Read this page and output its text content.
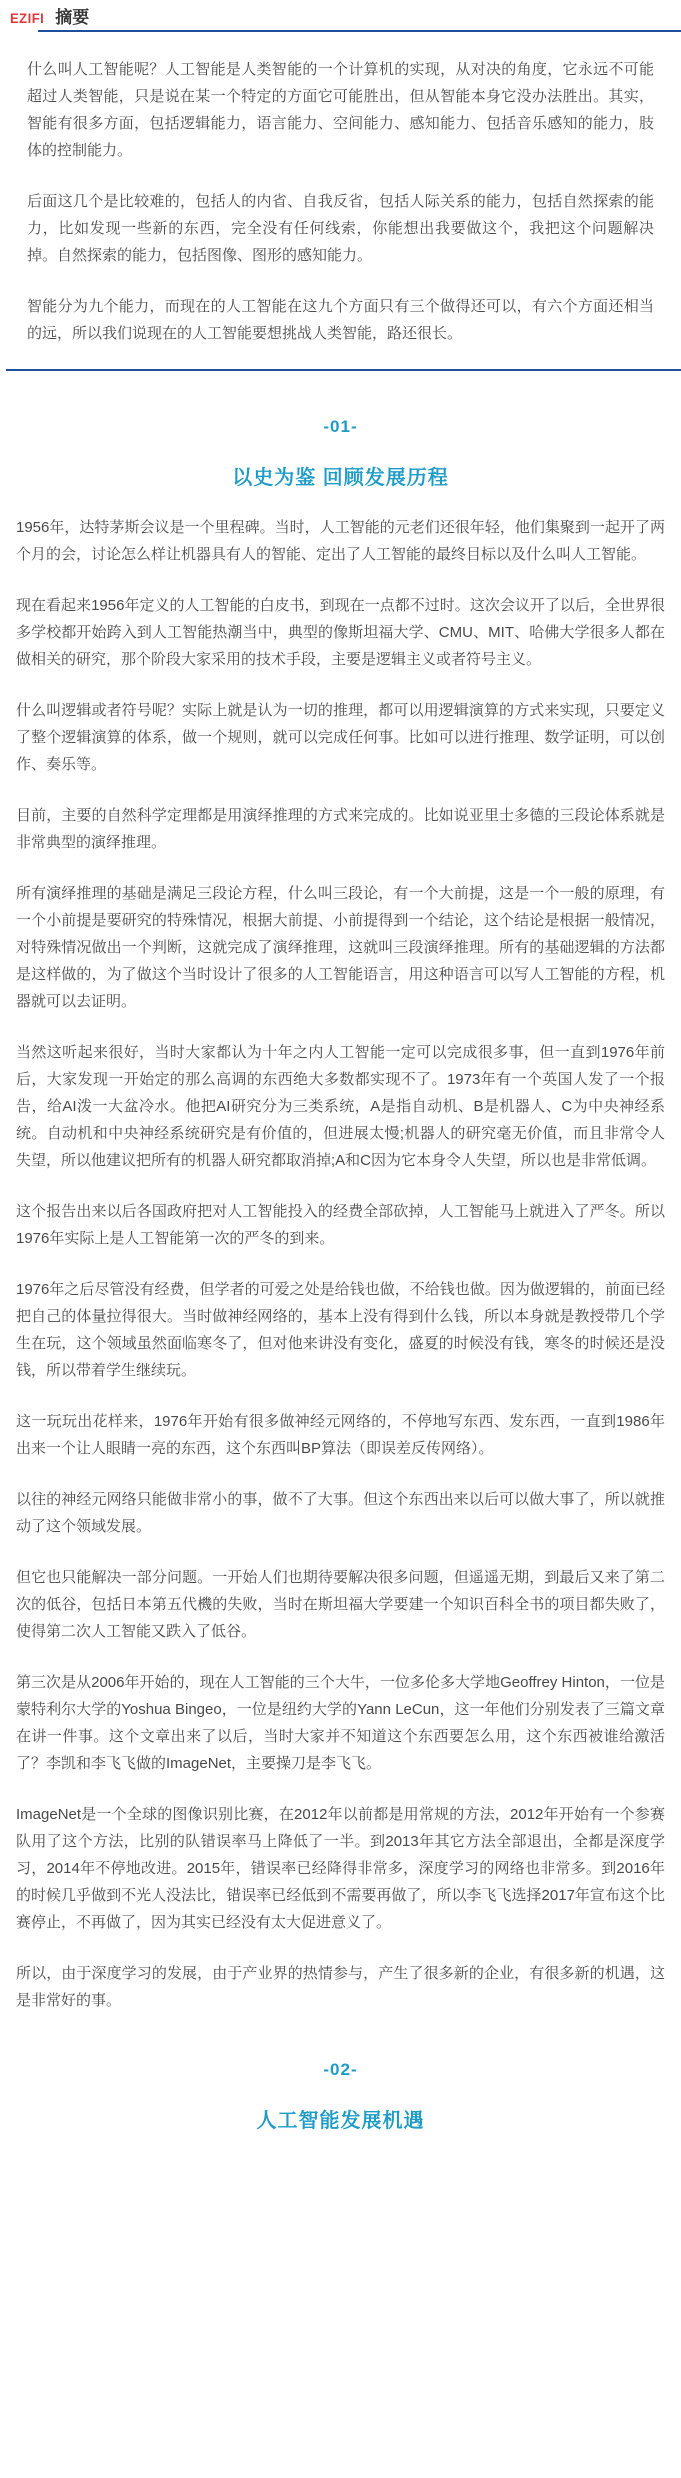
EZIFI 摘要

什么叫人工智能呢？人工智能是人类智能的一个计算机的实现，从对决的角度，它永远不可能超过人类智能，只是说在某一个特定的方面它可能胜出，但从智能本身它没办法胜出。其实，智能有很多方面，包括逻辑能力，语言能力、空间能力、感知能力、包括音乐感知的能力，肢体的控制能力。

后面这几个是比较难的，包括人的内省、自我反省，包括人际关系的能力，包括自然探索的能力，比如发现一些新的东西，完全没有任何线索，你能想出我要做这个，我把这个问题解决掉。自然探索的能力，包括图像、图形的感知能力。

智能分为九个能力，而现在的人工智能在这九个方面只有三个做得还可以，有六个方面还相当的远，所以我们说现在的人工智能要想挑战人类智能，路还很长。

-01-
以史为鉴 回顾发展历程

1956年，达特茅斯会议是一个里程碑。当时，人工智能的元老们还很年轻，他们集聚到一起开了两个月的会，讨论怎么样让机器具有人的智能、定出了人工智能的最终目标以及什么叫人工智能。

现在看起来1956年定义的人工智能的白皮书，到现在一点都不过时。这次会议开了以后，全世界很多学校都开始跨入到人工智能热潮当中，典型的像斯坦福大学、CMU、MIT、哈佛大学很多人都在做相关的研究，那个阶段大家采用的技术手段，主要是逻辑主义或者符号主义。

什么叫逻辑或者符号呢？实际上就是认为一切的推理，都可以用逻辑演算的方式来实现，只要定义了整个逻辑演算的体系，做一个规则，就可以完成任何事。比如可以进行推理、数学证明，可以创作、奏乐等。

目前，主要的自然科学定理都是用演绎推理的方式来完成的。比如说亚里士多德的三段论体系就是非常典型的演绎推理。

所有演绎推理的基础是满足三段论方程，什么叫三段论，有一个大前提，这是一个一般的原理，有一个小前提是要研究的特殊情况，根据大前提、小前提得到一个结论，这个结论是根据一般情况，对特殊情况做出一个判断，这就完成了演绎推理，这就叫三段演绎推理。所有的基础逻辑的方法都是这样做的，为了做这个当时设计了很多的人工智能语言，用这种语言可以写人工智能的方程，机器就可以去证明。

当然这听起来很好，当时大家都认为十年之内人工智能一定可以完成很多事，但一直到1976年前后，大家发现一开始定的那么高调的东西绝大多数都实现不了。1973年有一个英国人发了一个报告，给AI泼一大盆冷水。他把AI研究分为三类系统，A是指自动机、B是机器人、C为中央神经系统。自动机和中央神经系统研究是有价值的，但进展太慢;机器人的研究毫无价值，而且非常令人失望，所以他建议把所有的机器人研究都取消掉;A和C因为它本身令人失望，所以也是非常低调。

这个报告出来以后各国政府把对人工智能投入的经费全部砍掉，人工智能马上就进入了严冬。所以1976年实际上是人工智能第一次的严冬的到来。

1976年之后尽管没有经费，但学者的可爱之处是给钱也做，不给钱也做。因为做逻辑的，前面已经把自己的体量拉得很大。当时做神经网络的，基本上没有得到什么钱，所以本身就是教授带几个学生在玩，这个领域虽然面临寒冬了，但对他来讲没有变化，盛夏的时候没有钱，寒冬的时候还是没钱，所以带着学生继续玩。

这一玩玩出花样来，1976年开始有很多做神经元网络的，不停地写东西、发东西，一直到1986年出来一个让人眼睛一亮的东西，这个东西叫BP算法（即误差反传网络）。

以往的神经元网络只能做非常小的事，做不了大事。但这个东西出来以后可以做大事了，所以就推动了这个领域发展。

但它也只能解决一部分问题。一开始人们也期待要解决很多问题，但遥遥无期，到最后又来了第二次的低谷，包括日本第五代機的失败，当时在斯坦福大学要建一个知识百科全书的项目都失败了，使得第二次人工智能又跌入了低谷。

第三次是从2006年开始的，现在人工智能的三个大牛，一位多伦多大学地Geoffrey Hinton，一位是蒙特利尔大学的Yoshua Bingeo，一位是纽约大学的Yann LeCun，这一年他们分别发表了三篇文章在讲一件事。这个文章出来了以后，当时大家并不知道这个东西要怎么用，这个东西被谁给激活了？李凯和李飞飞做的ImageNet，主要操刀是李飞飞。

ImageNet是一个全球的图像识别比赛，在2012年以前都是用常规的方法，2012年开始有一个参赛队用了这个方法，比别的队错误率马上降低了一半。到2013年其它方法全部退出，全都是深度学习，2014年不停地改进。2015年，错误率已经降得非常多，深度学习的网络也非常多。到2016年的时候几乎做到不光人没法比，错误率已经低到不需要再做了，所以李飞飞选择2017年宣布这个比赛停止，不再做了，因为其实已经没有太大促进意义了。

所以，由于深度学习的发展，由于产业界的热情参与，产生了很多新的企业，有很多新的机遇，这是非常好的事。

-02-
人工智能发展机遇
